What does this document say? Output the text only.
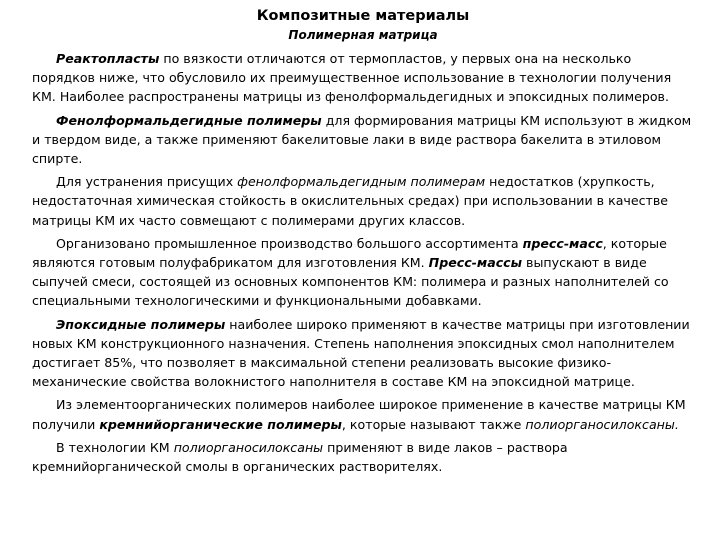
Композитные материалы
Полимерная матрица

Реактопласты по вязкости отличаются от термопластов, у первых она на несколько порядков ниже, что обусловило их преимущественное использование в технологии получения КМ. Наиболее распространены матрицы из фенолформальдегидных и эпоксидных полимеров.

Фенолформальдегидные полимеры для формирования матрицы КМ используют в жидком и твердом виде, а также применяют бакелитовые лаки в виде раствора бакелита в этиловом спирте.

Для устранения присущих фенолформальдегидным полимерам недостатков (хрупкость, недостаточная химическая стойкость в окислительных средах) при использовании в качестве матрицы КМ их часто совмещают с полимерами других классов.

Организовано промышленное производство большого ассортимента пресс-масс, которые являются готовым полуфабрикатом для изготовления КМ. Пресс-массы выпускают в виде сыпучей смеси, состоящей из основных компонентов КМ: полимера и разных наполнителей со специальными технологическими и функциональными добавками.

Эпоксидные полимеры наиболее широко применяют в качестве матрицы при изготовлении новых КМ конструкционного назначения. Степень наполнения эпоксидных смол наполнителем достигает 85%, что позволяет в максимальной степени реализовать высокие физико-механические свойства волокнистого наполнителя в составе КМ на эпоксидной матрице.

Из элементоорганических полимеров наиболее широкое применение в качестве матрицы КМ получили кремнийорганические полимеры, которые называют также полиорганосилоксаны.

В технологии КМ полиорганосилоксаны применяют в виде лаков – раствора кремнийорганической смолы в органических растворителях.
